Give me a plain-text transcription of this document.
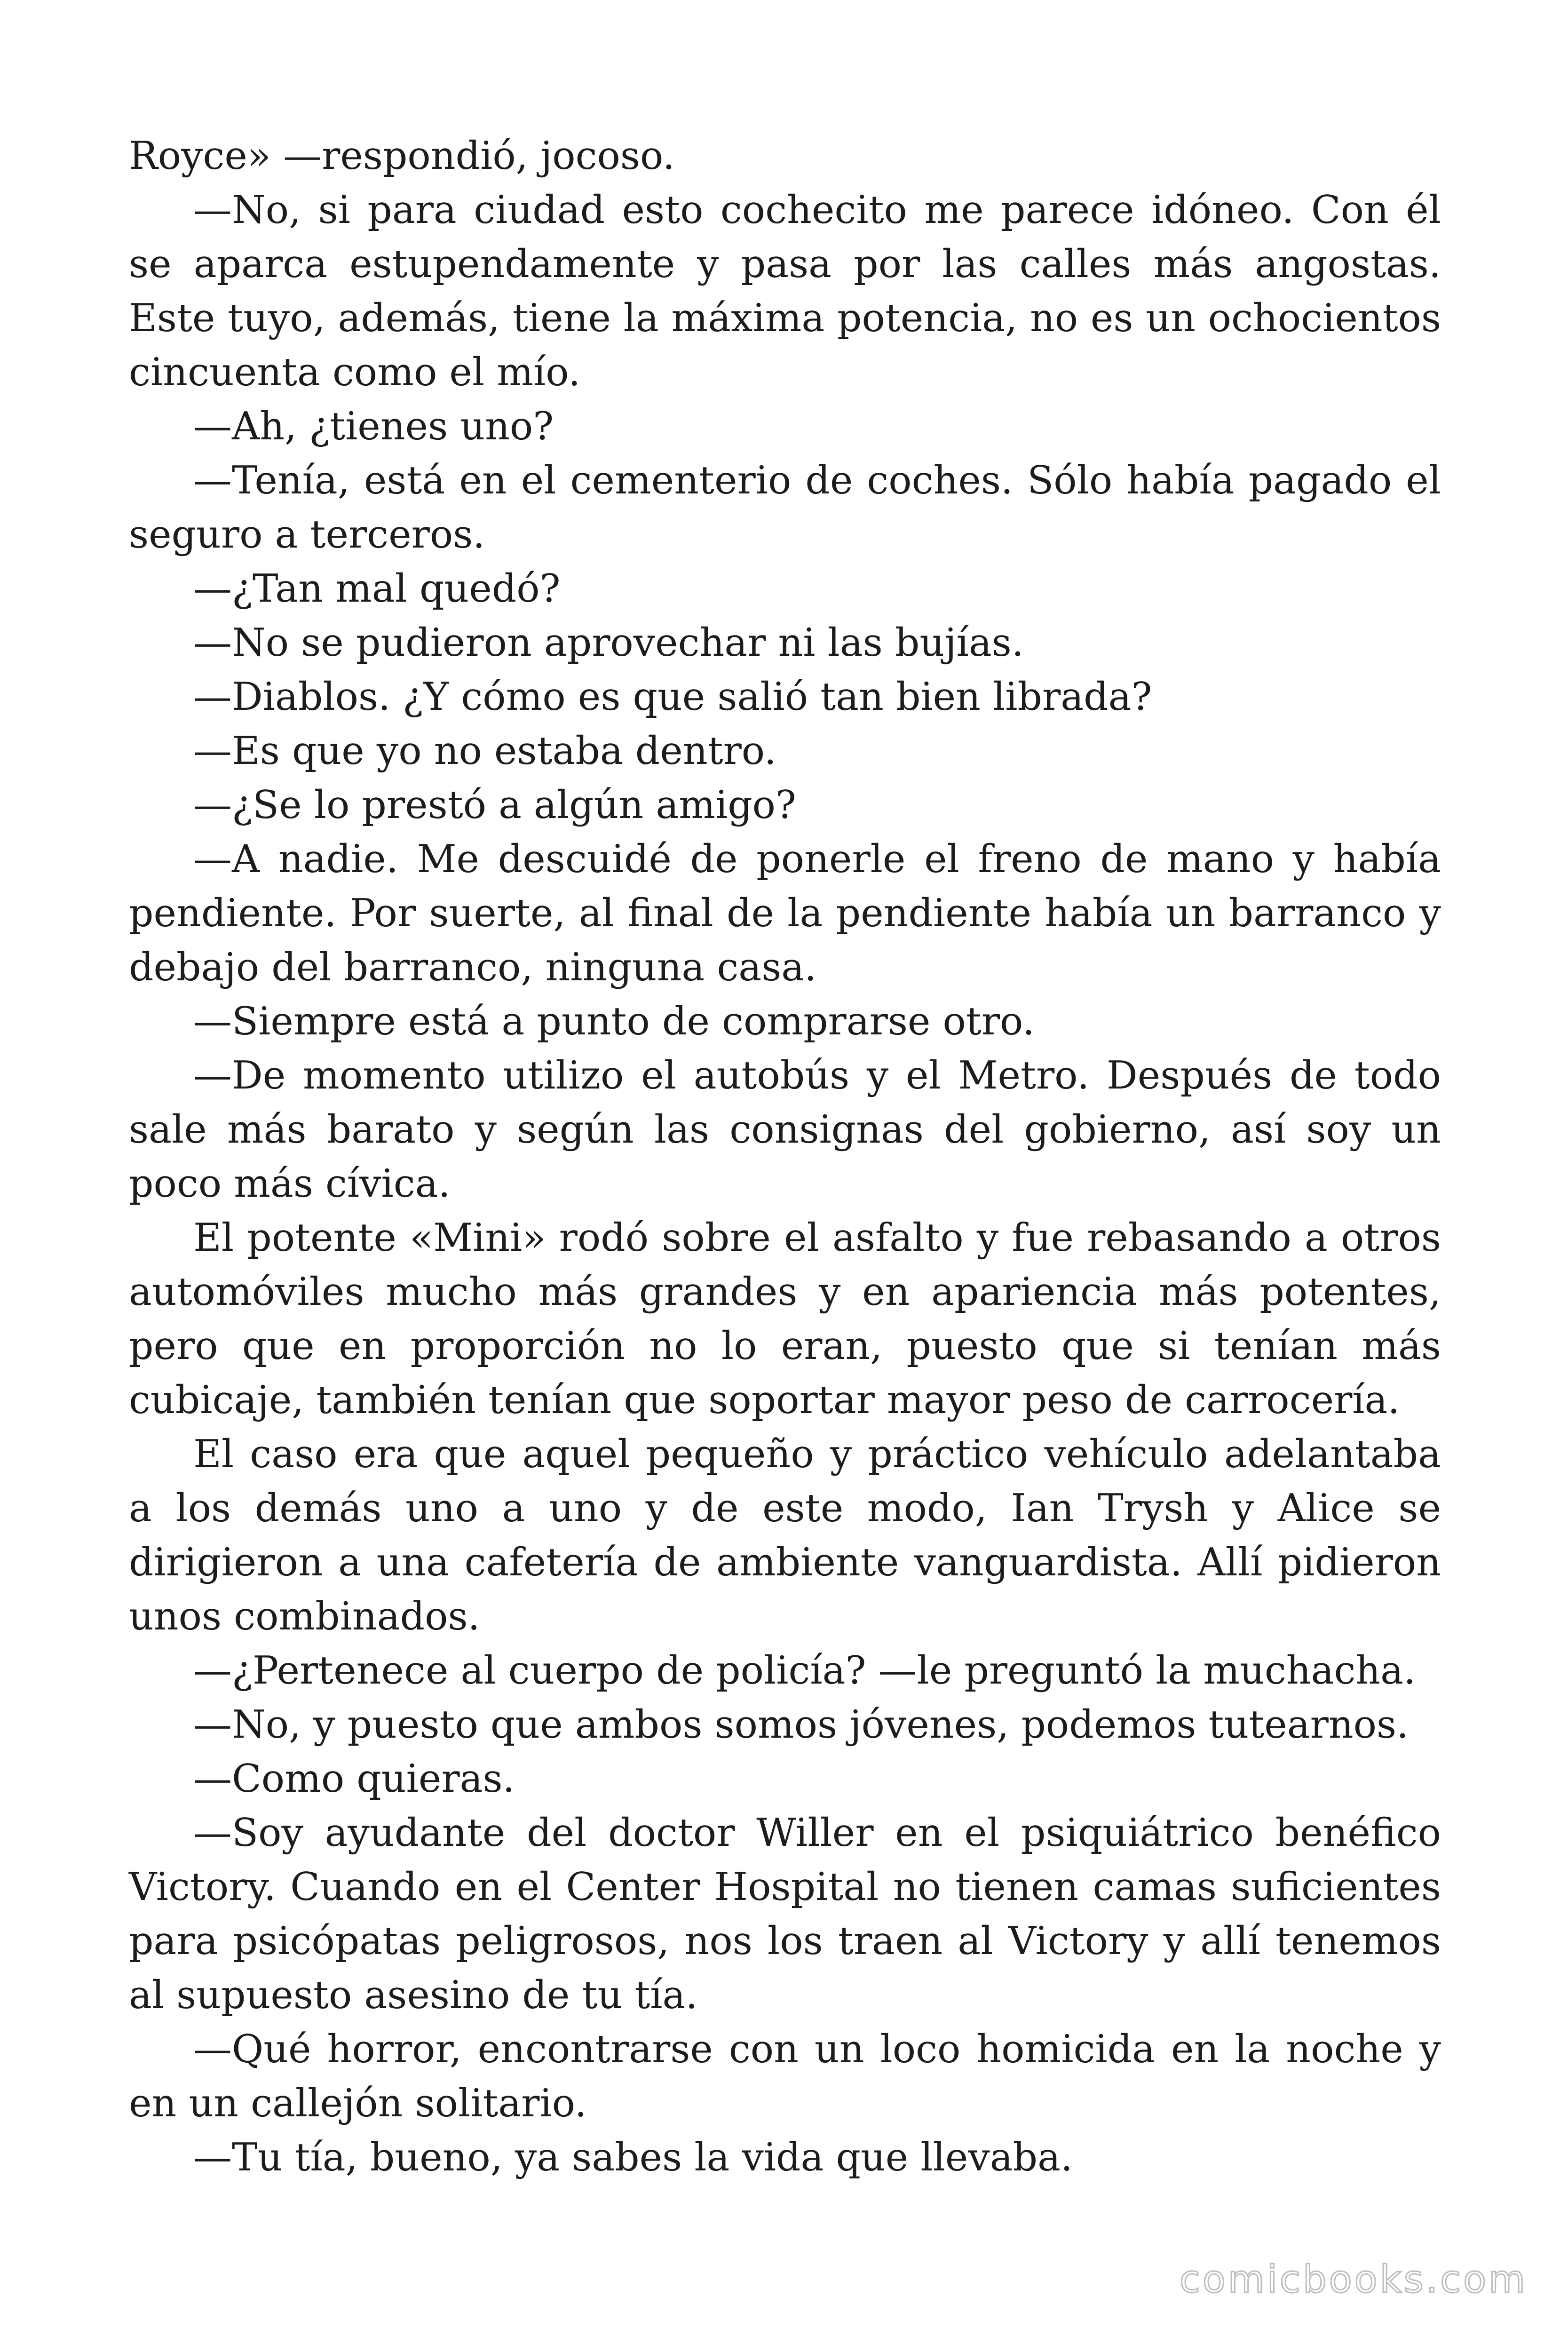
Royce» —respondió, jocoso.

—No, si para ciudad esto cochecito me parece idóneo. Con él se aparca estupendamente y pasa por las calles más angostas. Este tuyo, además, tiene la máxima potencia, no es un ochocientos cincuenta como el mío.

—Ah, ¿tienes uno?

—Tenía, está en el cementerio de coches. Sólo había pagado el seguro a terceros.

—¿Tan mal quedó?

—No se pudieron aprovechar ni las bujías.

—Diablos. ¿Y cómo es que salió tan bien librada?

—Es que yo no estaba dentro.

—¿Se lo prestó a algún amigo?

—A nadie. Me descuidé de ponerle el freno de mano y había pendiente. Por suerte, al final de la pendiente había un barranco y debajo del barranco, ninguna casa.

—Siempre está a punto de comprarse otro.

—De momento utilizo el autobús y el Metro. Después de todo sale más barato y según las consignas del gobierno, así soy un poco más cívica.

El potente «Mini» rodó sobre el asfalto y fue rebasando a otros automóviles mucho más grandes y en apariencia más potentes, pero que en proporción no lo eran, puesto que si tenían más cubicaje, también tenían que soportar mayor peso de carrocería.

El caso era que aquel pequeño y práctico vehículo adelantaba a los demás uno a uno y de este modo, Ian Trysh y Alice se dirigieron a una cafetería de ambiente vanguardista. Allí pidieron unos combinados.

—¿Pertenece al cuerpo de policía? —le preguntó la muchacha.

—No, y puesto que ambos somos jóvenes, podemos tutearnos.

—Como quieras.

—Soy ayudante del doctor Willer en el psiquiátrico benéfico Victory. Cuando en el Center Hospital no tienen camas suficientes para psicópatas peligrosos, nos los traen al Victory y allí tenemos al supuesto asesino de tu tía.

—Qué horror, encontrarse con un loco homicida en la noche y en un callejón solitario.

—Tu tía, bueno, ya sabes la vida que llevaba.

comicbooks.com
